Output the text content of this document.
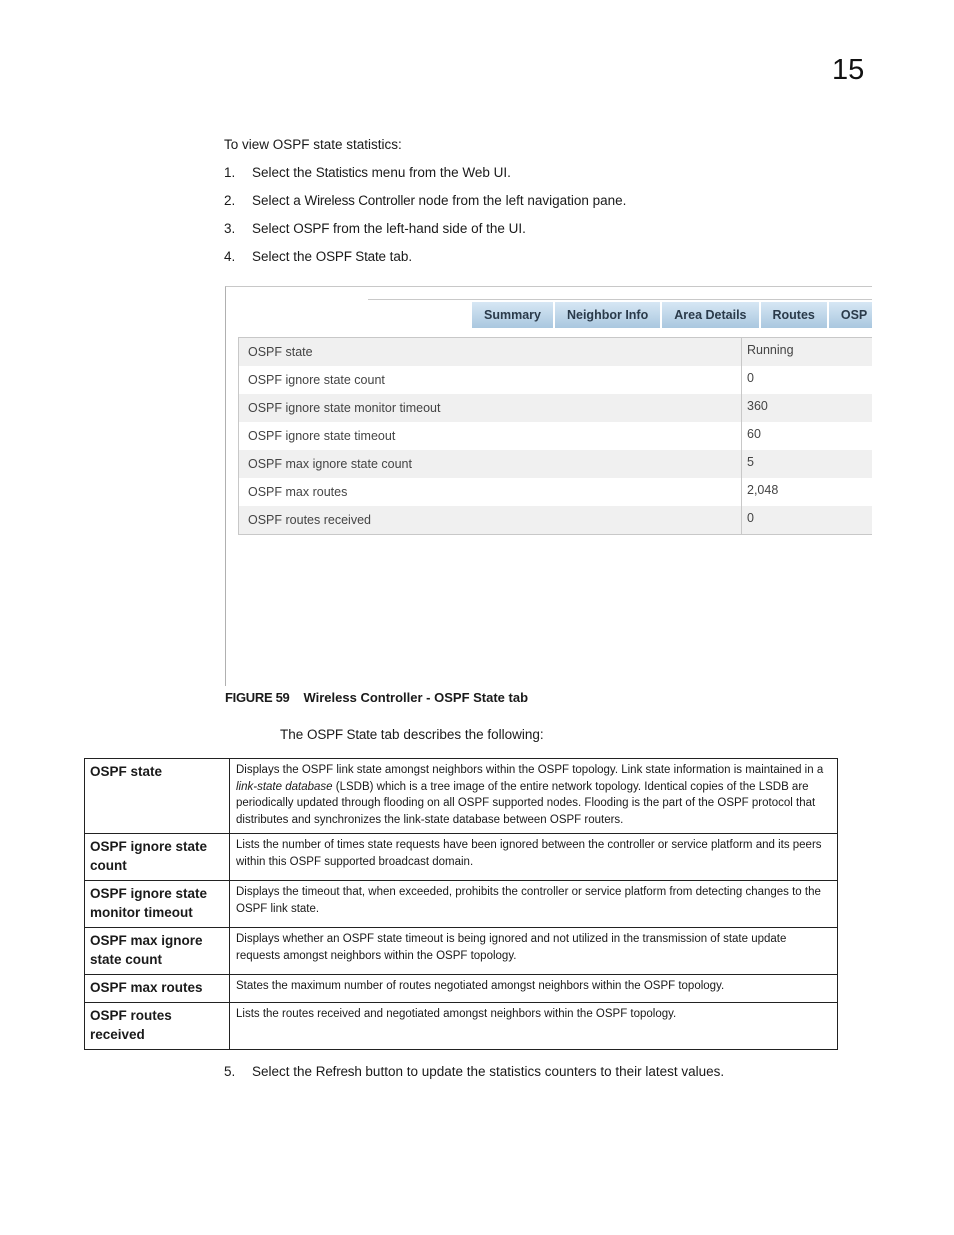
15
To view OSPF state statistics:
1.	Select the Statistics menu from the Web UI.
2.	Select a Wireless Controller node from the left navigation pane.
3.	Select OSPF from the left-hand side of the UI.
4.	Select the OSPF State tab.
Summary	Neighbor Info	Area Details	Routes	OSP
OSPF state	Running
OSPF ignore state count	0
OSPF ignore state monitor timeout	360
OSPF ignore state timeout	60
OSPF max ignore state count	5
OSPF max routes	2,048
OSPF routes received	0
FIGURE 59 Wireless Controller - OSPF State tab
The OSPF State tab describes the following:
OSPF state	Displays the OSPF link state amongst neighbors within the OSPF topology. Link state information is maintained in a link-state database (LSDB) which is a tree image of the entire network topology. Identical copies of the LSDB are periodically updated through flooding on all OSPF supported nodes. Flooding is the part of the OSPF protocol that distributes and synchronizes the link-state database between OSPF routers.
OSPF ignore state count	Lists the number of times state requests have been ignored between the controller or service platform and its peers within this OSPF supported broadcast domain.
OSPF ignore state monitor timeout	Displays the timeout that, when exceeded, prohibits the controller or service platform from detecting changes to the OSPF link state.
OSPF max ignore state count	Displays whether an OSPF state timeout is being ignored and not utilized in the transmission of state update requests amongst neighbors within the OSPF topology.
OSPF max routes	States the maximum number of routes negotiated amongst neighbors within the OSPF topology.
OSPF routes received	Lists the routes received and negotiated amongst neighbors within the OSPF topology.
5. Select the Refresh button to update the statistics counters to their latest values.
